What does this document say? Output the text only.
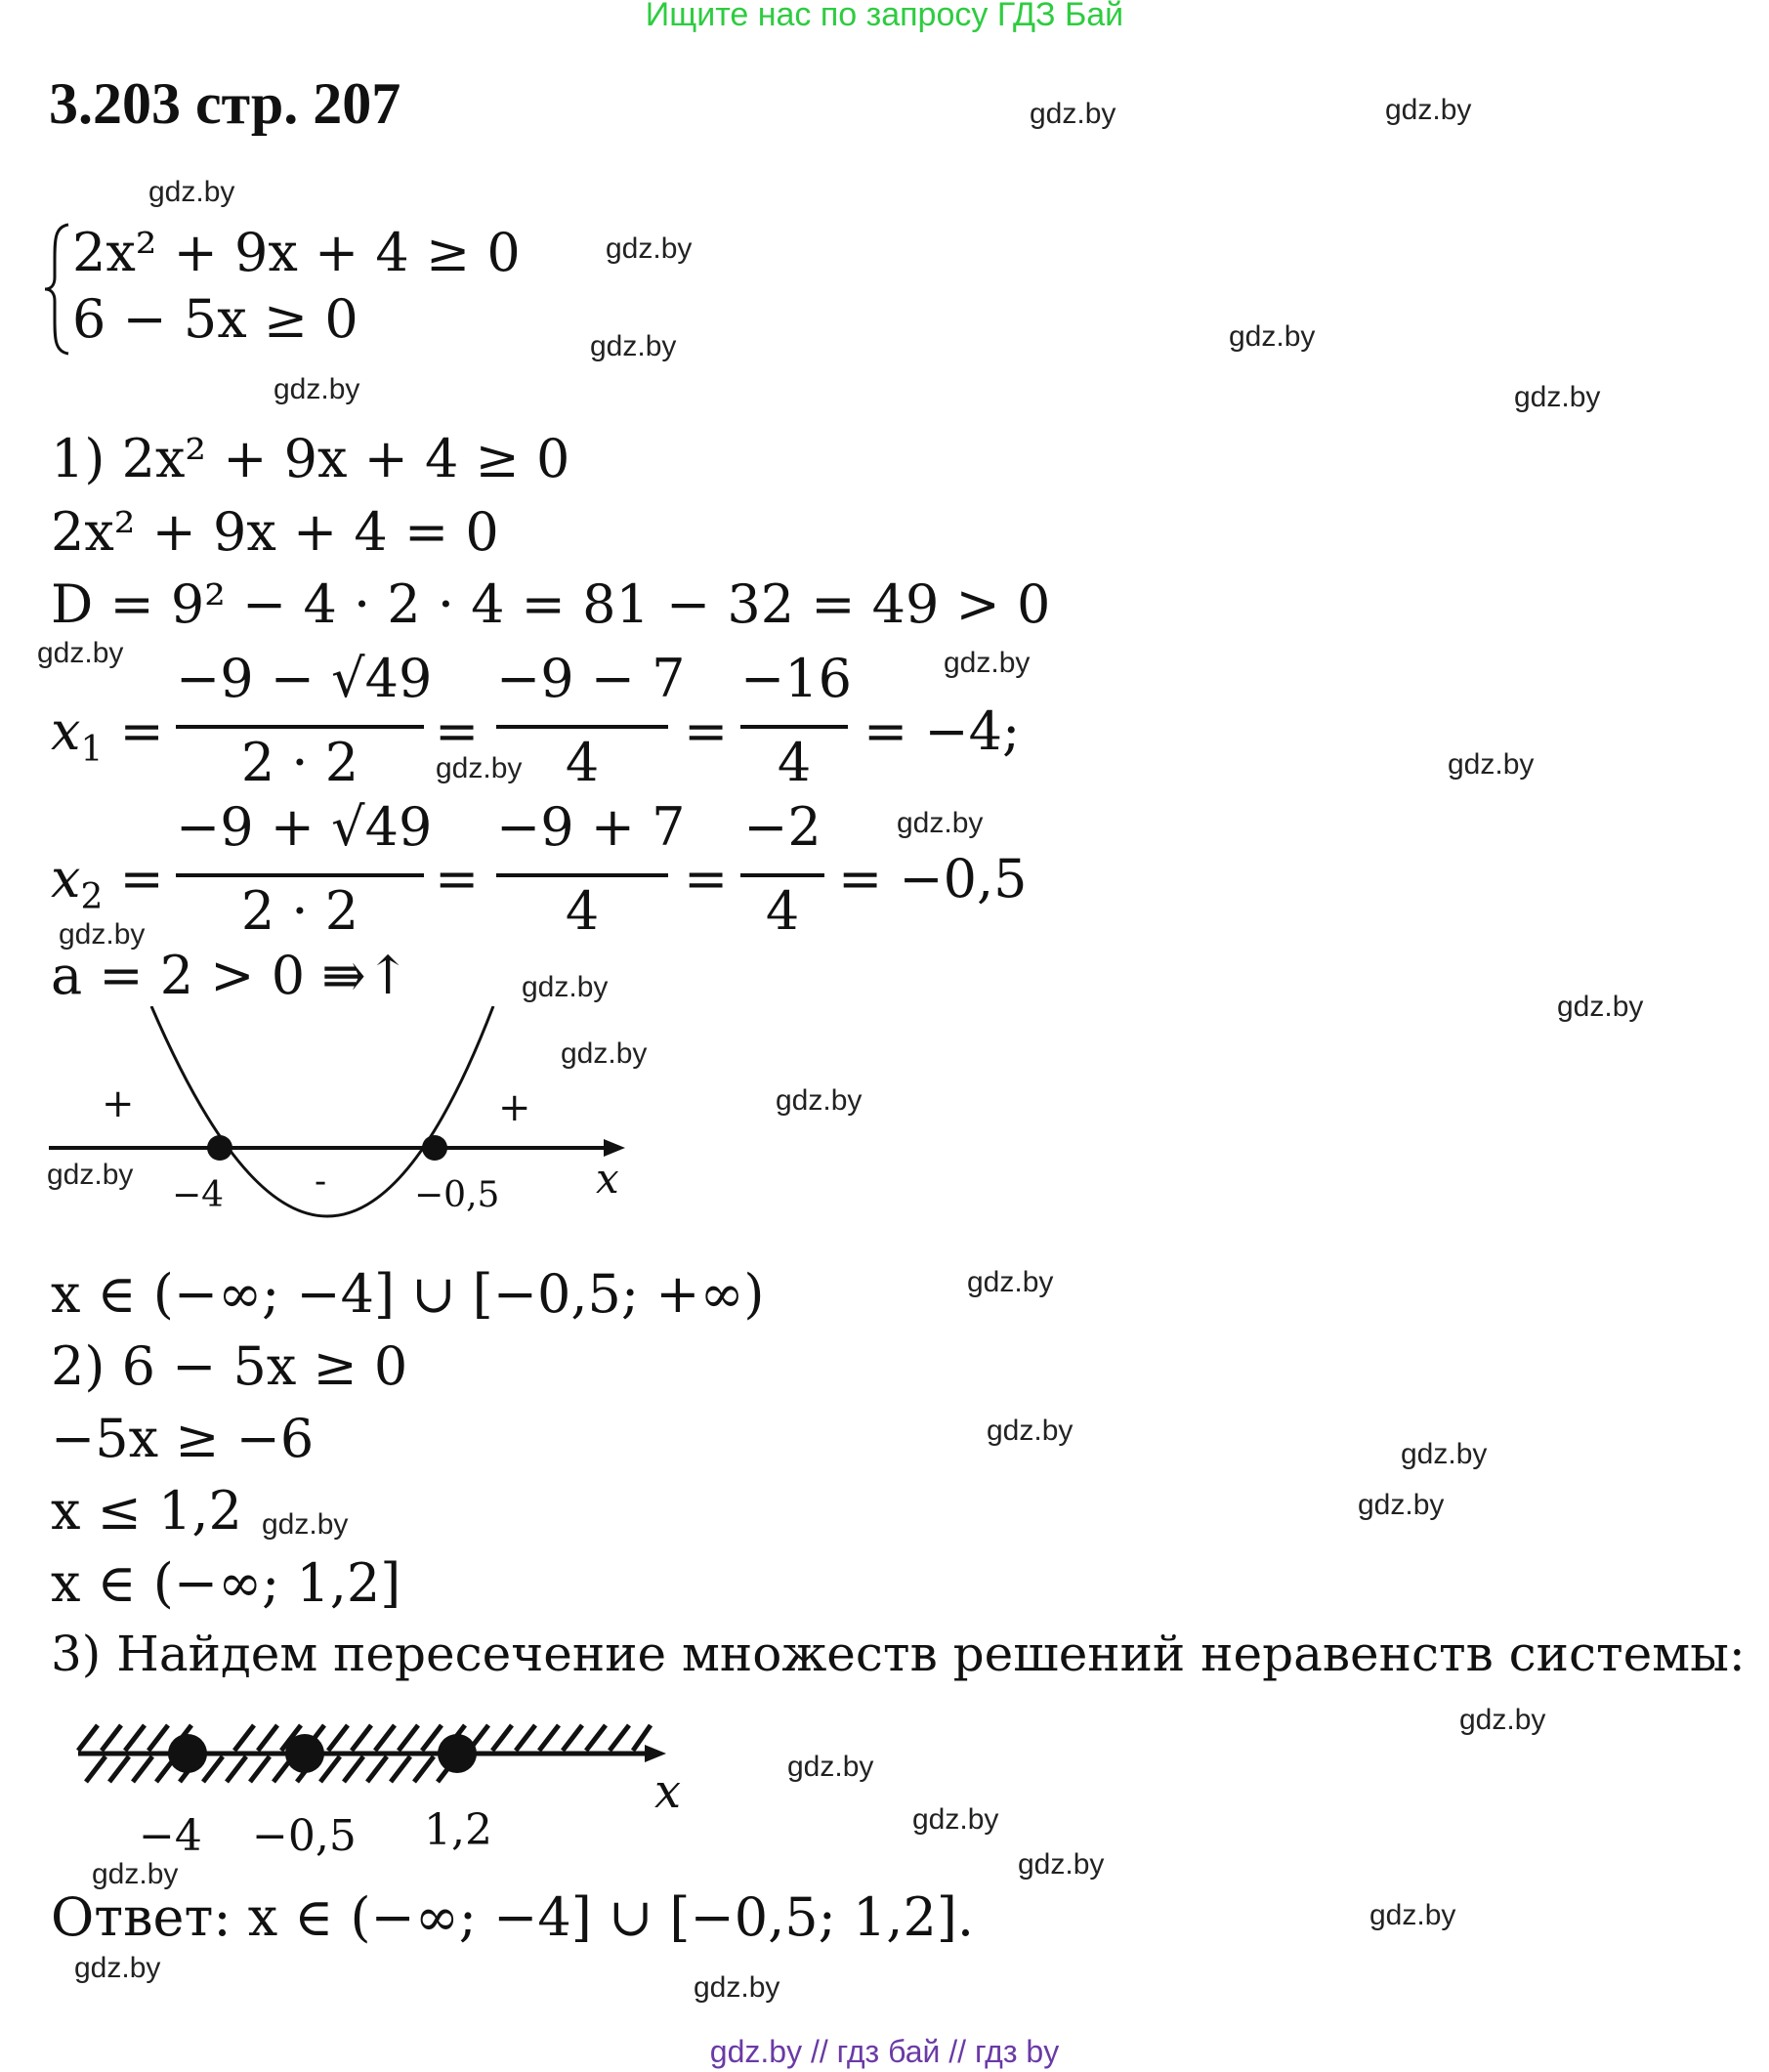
Ищите нас по запросу ГДЗ Бай
3.203 стр. 207
2x² + 9x + 4 ≥ 0
6 − 5x ≥ 0
1) 2x² + 9x + 4 ≥ 0
2x² + 9x + 4 = 0
D = 9² − 4 · 2 · 4 = 81 − 32 = 49 > 0
$x_1$ =
−9 − √49
2 · 2
=
−9 − 7
4
=
−16
4
= −4;
$x_2$ =
−9 + √49
2 · 2
=
−9 + 7
4
=
−2
4
= −0,5
a = 2 > 0 ⇛↑
+
-
+
−4	−0,5 x
x ∈ (−∞; −4] ∪ [−0,5; +∞)
2) 6 − 5x ≥ 0
−5x ≥ −6
x ≤ 1,2
x ∈ (−∞; 1,2]
3) Найдем пересечение множеств решений неравенств системы:
−4 −0,5 1,2
x
Ответ: x ∈ (−∞; −4] ∪ [−0,5; 1,2].
gdz.by	gdz.by
gdz.by
gdz.by
gdz.by	gdz.by
gdz.by	gdz.by
gdz.by	gdz.by
gdz.by	gdz.by
gdz.by
gdz.by
gdz.by
gdz.by
gdz.by
gdz.by
gdz.by
gdz.by
gdz.by
gdz.by
gdz.by
gdz.by
gdz.by
gdz.by
gdz.by
gdz.by
gdz.by
gdz.by
gdz.by
gdz.by
gdz.by // гдз бай // гдз by
